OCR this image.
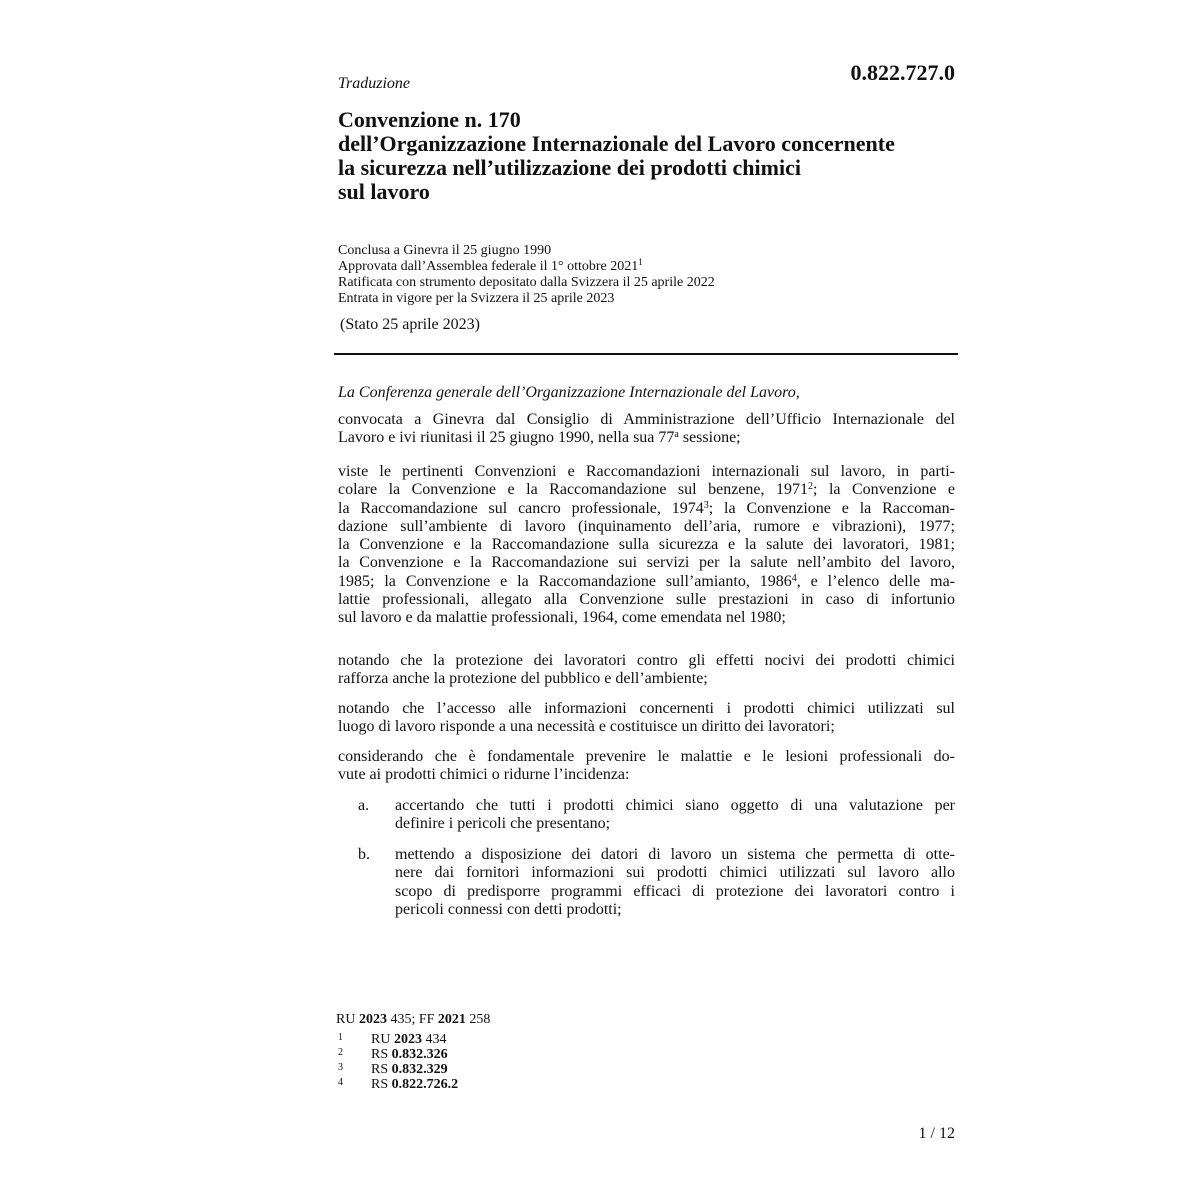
0.822.727.0
Traduzione
Convenzione n. 170
dell’Organizzazione Internazionale del Lavoro concernente
la sicurezza nell’utilizzazione dei prodotti chimici
sul lavoro
Conclusa a Ginevra il 25 giugno 1990
Approvata dall’Assemblea federale il 1° ottobre 2021$^1$
Ratificata con strumento depositato dalla Svizzera il 25 aprile 2022
Entrata in vigore per la Svizzera il 25 aprile 2023
(Stato 25 aprile 2023)
La Conferenza generale dell’Organizzazione Internazionale del Lavoro,
convocata a Ginevra dal Consiglio di Amministrazione dell’Ufficio Internazionale del
Lavoro e ivi riunitasi il 25 giugno 1990, nella sua 77$^a$ sessione;
viste le pertinenti Convenzioni e Raccomandazioni internazionali sul lavoro, in parti-
colare la Convenzione e la Raccomandazione sul benzene, 1971$^2$; la Convenzione e
la Raccomandazione sul cancro professionale, 1974$^3$; la Convenzione e la Raccoman-
dazione sull’ambiente di lavoro (inquinamento dell’aria, rumore e vibrazioni), 1977;
la Convenzione e la Raccomandazione sulla sicurezza e la salute dei lavoratori, 1981;
la Convenzione e la Raccomandazione sui servizi per la salute nell’ambito del lavoro,
1985; la Convenzione e la Raccomandazione sull’amianto, 1986$^4$, e l’elenco delle ma-
lattie professionali, allegato alla Convenzione sulle prestazioni in caso di infortunio
sul lavoro e da malattie professionali, 1964, come emendata nel 1980;
notando che la protezione dei lavoratori contro gli effetti nocivi dei prodotti chimici
rafforza anche la protezione del pubblico e dell’ambiente;
notando che l’accesso alle informazioni concernenti i prodotti chimici utilizzati sul
luogo di lavoro risponde a una necessità e costituisce un diritto dei lavoratori;
considerando che è fondamentale prevenire le malattie e le lesioni professionali do-
vute ai prodotti chimici o ridurne l’incidenza:
a. accertando che tutti i prodotti chimici siano oggetto di una valutazione per
definire i pericoli che presentano;
b. mettendo a disposizione dei datori di lavoro un sistema che permetta di otte-
nere dai fornitori informazioni sui prodotti chimici utilizzati sul lavoro allo
scopo di predisporre programmi efficaci di protezione dei lavoratori contro i
pericoli connessi con detti prodotti;
RU 2023 435; FF 2021 258
1 RU 2023 434
2 RS 0.832.326
3 RS 0.832.329
4 RS 0.822.726.2
1 / 12
